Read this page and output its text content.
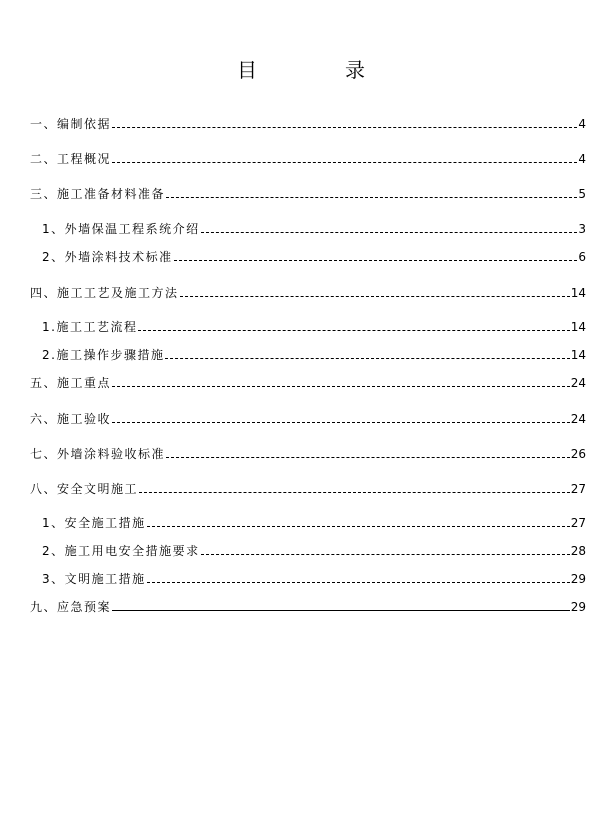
目录
一、编制依据	4
二、工程概况	4
三、施工准备材料准备	5
1、外墙保温工程系统介绍	3
2、外墙涂料技术标准	6
四、施工工艺及施工方法	14
1.施工工艺流程	14
2.施工操作步骤措施	14
五、施工重点	24
六、施工验收	24
七、外墙涂料验收标准	26
八、安全文明施工	27
1、安全施工措施	27
2、施工用电安全措施要求	28
3、文明施工措施	29
九、应急预案	29
